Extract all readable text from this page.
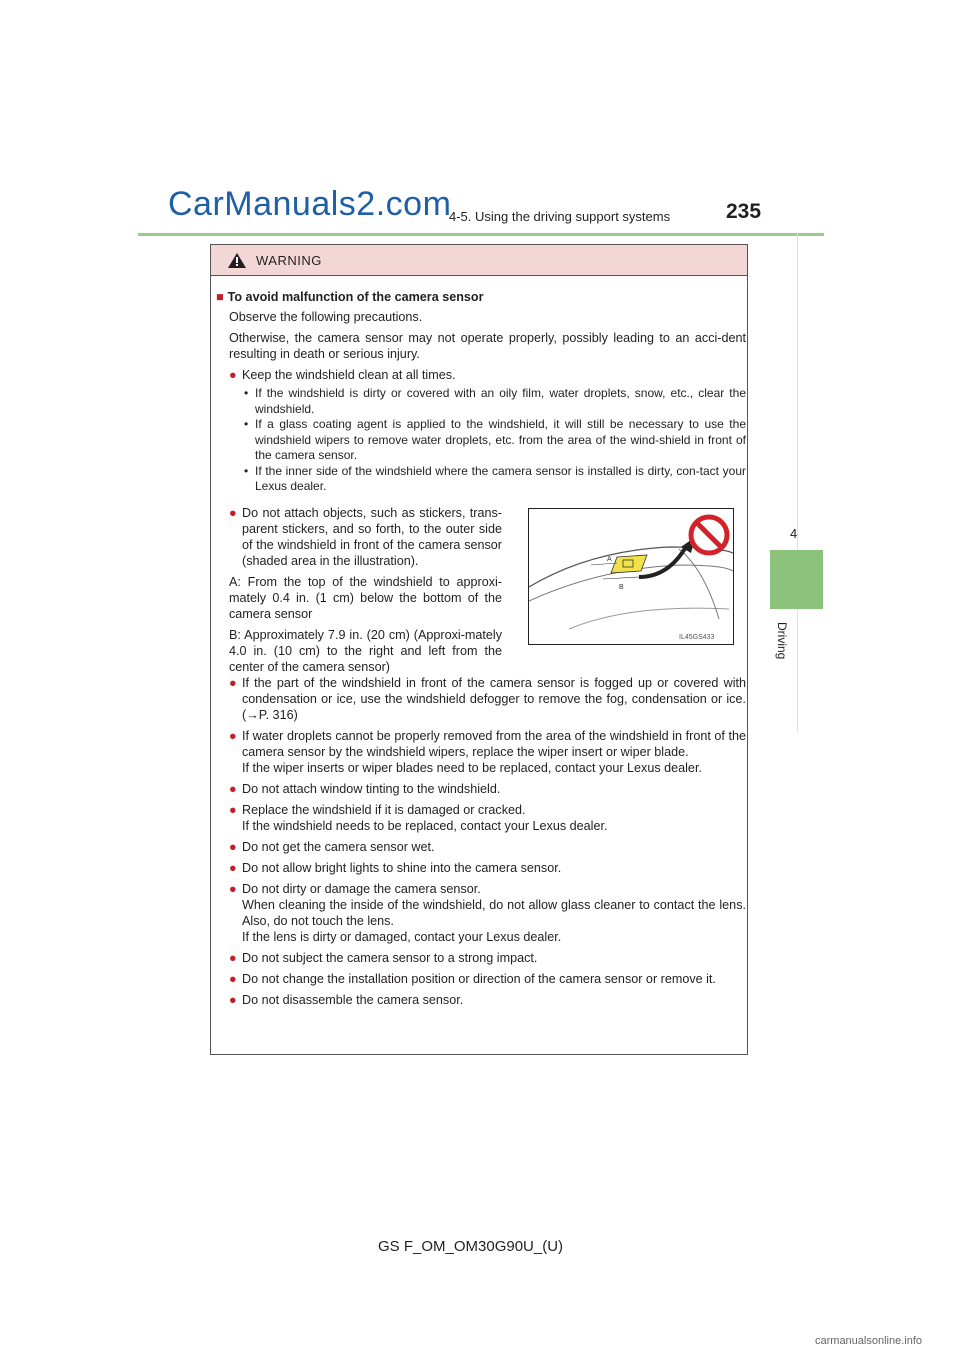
CarManuals2.com
4-5. Using the driving support systems	235
4
Driving
WARNING

■ To avoid malfunction of the camera sensor

Observe the following precautions.

Otherwise, the camera sensor may not operate properly, possibly leading to an acci-dent resulting in death or serious injury.

● Keep the windshield clean at all times.

• If the windshield is dirty or covered with an oily film, water droplets, snow, etc., clear the windshield.

• If a glass coating agent is applied to the windshield, it will still be necessary to use the windshield wipers to remove water droplets, etc. from the area of the wind-shield in front of the camera sensor.

• If the inner side of the windshield where the camera sensor is installed is dirty, con-tact your Lexus dealer.

● Do not attach objects, such as stickers, trans-parent stickers, and so forth, to the outer side of the windshield in front of the camera sensor (shaded area in the illustration).

A: From the top of the windshield to approxi-mately 0.4 in. (1 cm) below the bottom of the camera sensor

B: Approximately 7.9 in. (20 cm) (Approxi-mately 4.0 in. (10 cm) to the right and left from the center of the camera sensor)

A
B
IL45GS433

● If the part of the windshield in front of the camera sensor is fogged up or covered with condensation or ice, use the windshield defogger to remove the fog, condensation or ice. (→P. 316)

● If water droplets cannot be properly removed from the area of the windshield in front of the camera sensor by the windshield wipers, replace the wiper insert or wiper blade.

If the wiper inserts or wiper blades need to be replaced, contact your Lexus dealer.

● Do not attach window tinting to the windshield.

● Replace the windshield if it is damaged or cracked.

If the windshield needs to be replaced, contact your Lexus dealer.

● Do not get the camera sensor wet.

● Do not allow bright lights to shine into the camera sensor.

● Do not dirty or damage the camera sensor.

When cleaning the inside of the windshield, do not allow glass cleaner to contact the lens. Also, do not touch the lens.

If the lens is dirty or damaged, contact your Lexus dealer.

● Do not subject the camera sensor to a strong impact.

● Do not change the installation position or direction of the camera sensor or remove it.

● Do not disassemble the camera sensor.

GS F_OM_OM30G90U_(U)
carmanualsonline.info
